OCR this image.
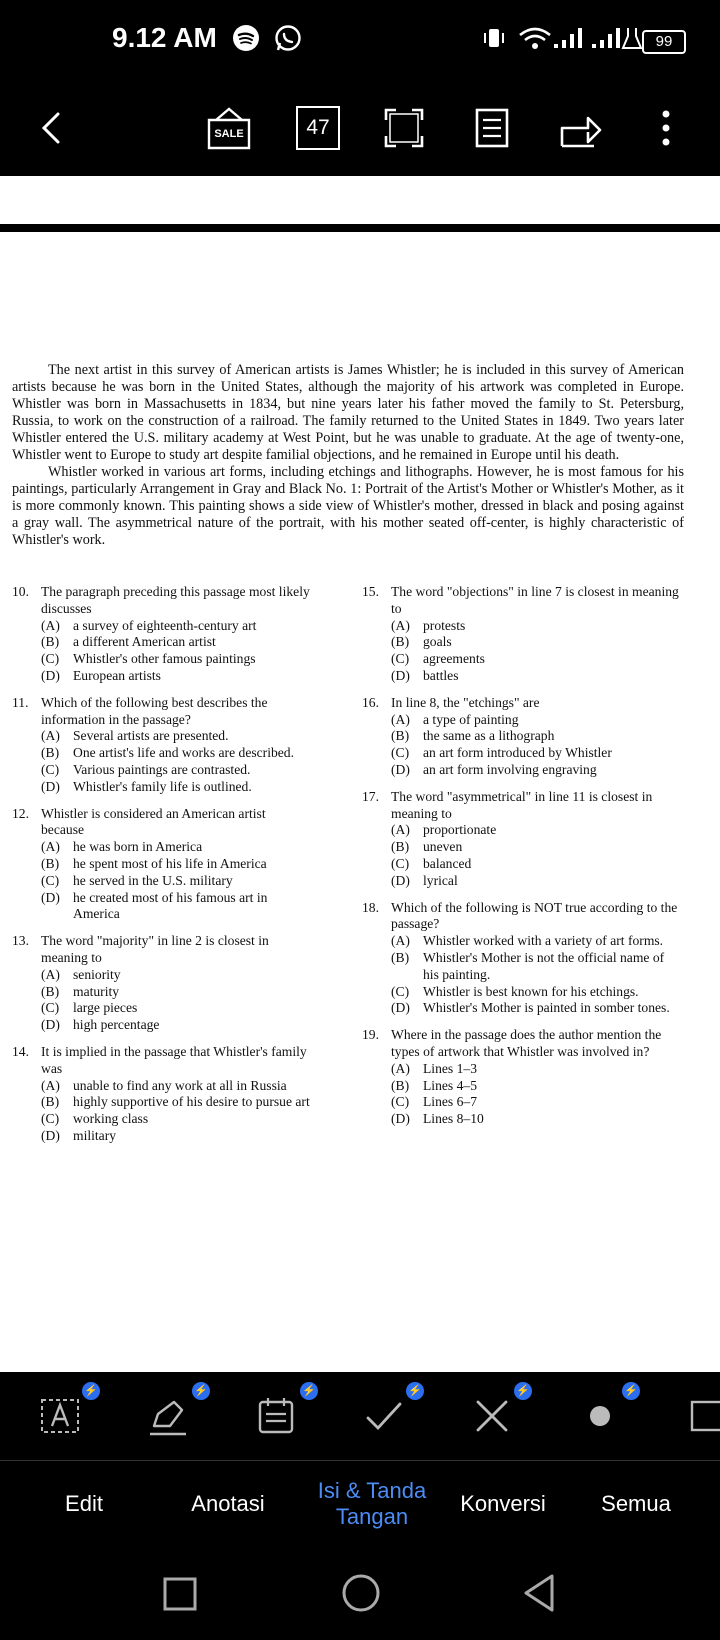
9.12 AM	99
SALE	47

The next artist in this survey of American artists is James Whistler; he is included in this survey of American artists because he was born in the United States, although the majority of his artwork was completed in Europe. Whistler was born in Massachusetts in 1834, but nine years later his father moved the family to St. Petersburg, Russia, to work on the construction of a railroad. The family returned to the United States in 1849. Two years later Whistler entered the U.S. military academy at West Point, but he was unable to graduate. At the age of twenty-one, Whistler went to Europe to study art despite familial objections, and he remained in Europe until his death.

Whistler worked in various art forms, including etchings and lithographs. However, he is most famous for his paintings, particularly Arrangement in Gray and Black No. 1: Portrait of the Artist's Mother or Whistler's Mother, as it is more commonly known. This painting shows a side view of Whistler's mother, dressed in black and posing against a gray wall. The asymmetrical nature of the portrait, with his mother seated off-center, is highly characteristic of Whistler's work.

10. The paragraph preceding this passage most likely discusses
(A) a survey of eighteenth-century art
(B)	a different American artist
(C)	Whistler's other famous paintings
(D) European artists
11. Which of the following best describes the information in the passage?
(A) Several artists are presented.
(B)	One artist's life and works are described.
(C)	Various paintings are contrasted.
(D) Whistler's family life is outlined.
12. Whistler is considered an American artist because
(A) he was born in America
(B)	he spent most of his life in America
(C)	he served in the U.S. military
(D) he created most of his famous art in America
13. The word "majority" in line 2 is closest in meaning to
(A) seniority
(B)	maturity
(C)	large pieces
(D) high percentage
14. It is implied in the passage that Whistler's family was
(A) unable to find any work at all in Russia
(B)	highly supportive of his desire to pursue art
(C)	working class
(D) military
15. The word "objections" in line 7 is closest in meaning to
(A) protests
(B)	goals
(C)	agreements
(D) battles
16. In line 8, the "etchings" are
(A) a type of painting
(B)	the same as a lithograph
(C)	an art form introduced by Whistler
(D) an art form involving engraving
17. The word "asymmetrical" in line 11 is closest in meaning to
(A) proportionate
(B)	uneven
(C)	balanced
(D) lyrical
18. Which of the following is NOT true according to the passage?
(A) Whistler worked with a variety of art forms.
(B)	Whistler's Mother is not the official name of his painting.
(C)	Whistler is best known for his etchings.
(D) Whistler's Mother is painted in somber tones.
19. Where in the passage does the author mention the types of artwork that Whistler was involved in?
(A) Lines 1–3
(B)	Lines 4–5
(C)	Lines 6–7
(D) Lines 8–10
⚡	⚡	⚡	⚡	⚡	⚡
Edit	Anotasi
Isi & Tanda Tangan
Konversi	Semua
